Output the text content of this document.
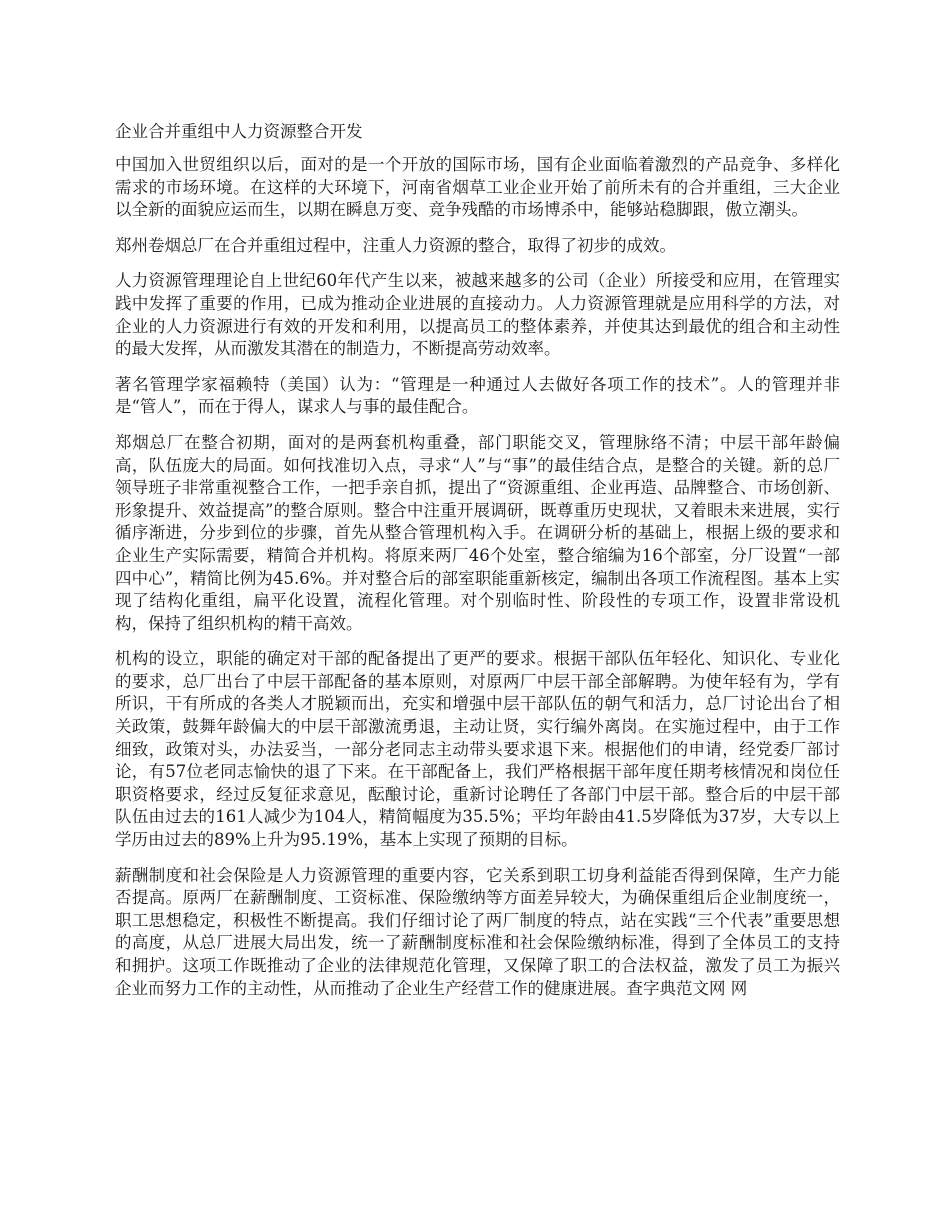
企业合并重组中人力资源整合开发

中国加入世贸组织以后，面对的是一个开放的国际市场，国有企业面临着激烈的产品竞争、多样化需求的市场环境。在这样的大环境下，河南省烟草工业企业开始了前所未有的合并重组，三大企业以全新的面貌应运而生，以期在瞬息万变、竞争残酷的市场博杀中，能够站稳脚跟，傲立潮头。

郑州卷烟总厂在合并重组过程中，注重人力资源的整合，取得了初步的成效。

人力资源管理理论自上世纪60年代产生以来，被越来越多的公司（企业）所接受和应用，在管理实践中发挥了重要的作用，已成为推动企业进展的直接动力。人力资源管理就是应用科学的方法，对企业的人力资源进行有效的开发和利用，以提高员工的整体素养，并使其达到最优的组合和主动性的最大发挥，从而激发其潜在的制造力，不断提高劳动效率。

著名管理学家福赖特（美国）认为：“管理是一种通过人去做好各项工作的技术”。人的管理并非是“管人”，而在于得人，谋求人与事的最佳配合。

郑烟总厂在整合初期，面对的是两套机构重叠，部门职能交叉，管理脉络不清；中层干部年龄偏高，队伍庞大的局面。如何找准切入点，寻求“人”与“事”的最佳结合点，是整合的关键。新的总厂领导班子非常重视整合工作，一把手亲自抓，提出了“资源重组、企业再造、品牌整合、市场创新、形象提升、效益提高”的整合原则。整合中注重开展调研，既尊重历史现状，又着眼未来进展，实行循序渐进，分步到位的步骤，首先从整合管理机构入手。在调研分析的基础上，根据上级的要求和企业生产实际需要，精简合并机构。将原来两厂46个处室，整合缩编为16个部室，分厂设置“一部四中心”，精简比例为45.6%。并对整合后的部室职能重新核定，编制出各项工作流程图。基本上实现了结构化重组，扁平化设置，流程化管理。对个别临时性、阶段性的专项工作，设置非常设机构，保持了组织机构的精干高效。

机构的设立，职能的确定对干部的配备提出了更严的要求。根据干部队伍年轻化、知识化、专业化的要求，总厂出台了中层干部配备的基本原则，对原两厂中层干部全部解聘。为使年轻有为，学有所识，干有所成的各类人才脱颖而出，充实和增强中层干部队伍的朝气和活力，总厂讨论出台了相关政策，鼓舞年龄偏大的中层干部激流勇退，主动让贤，实行编外离岗。在实施过程中，由于工作细致，政策对头，办法妥当，一部分老同志主动带头要求退下来。根据他们的申请，经党委厂部讨论，有57位老同志愉快的退了下来。在干部配备上，我们严格根据干部年度任期考核情况和岗位任职资格要求，经过反复征求意见，酝酿讨论，重新讨论聘任了各部门中层干部。整合后的中层干部队伍由过去的161人减少为104人，精简幅度为35.5%；平均年龄由41.5岁降低为37岁，大专以上学历由过去的89%上升为95.19%，基本上实现了预期的目标。

薪酬制度和社会保险是人力资源管理的重要内容，它关系到职工切身利益能否得到保障，生产力能否提高。原两厂在薪酬制度、工资标准、保险缴纳等方面差异较大，为确保重组后企业制度统一，职工思想稳定，积极性不断提高。我们仔细讨论了两厂制度的特点，站在实践“三个代表”重要思想的高度，从总厂进展大局出发，统一了薪酬制度标准和社会保险缴纳标准，得到了全体员工的支持和拥护。这项工作既推动了企业的法律规范化管理，又保障了职工的合法权益，激发了员工为振兴企业而努力工作的主动性，从而推动了企业生产经营工作的健康进展。查字典范文网 网
